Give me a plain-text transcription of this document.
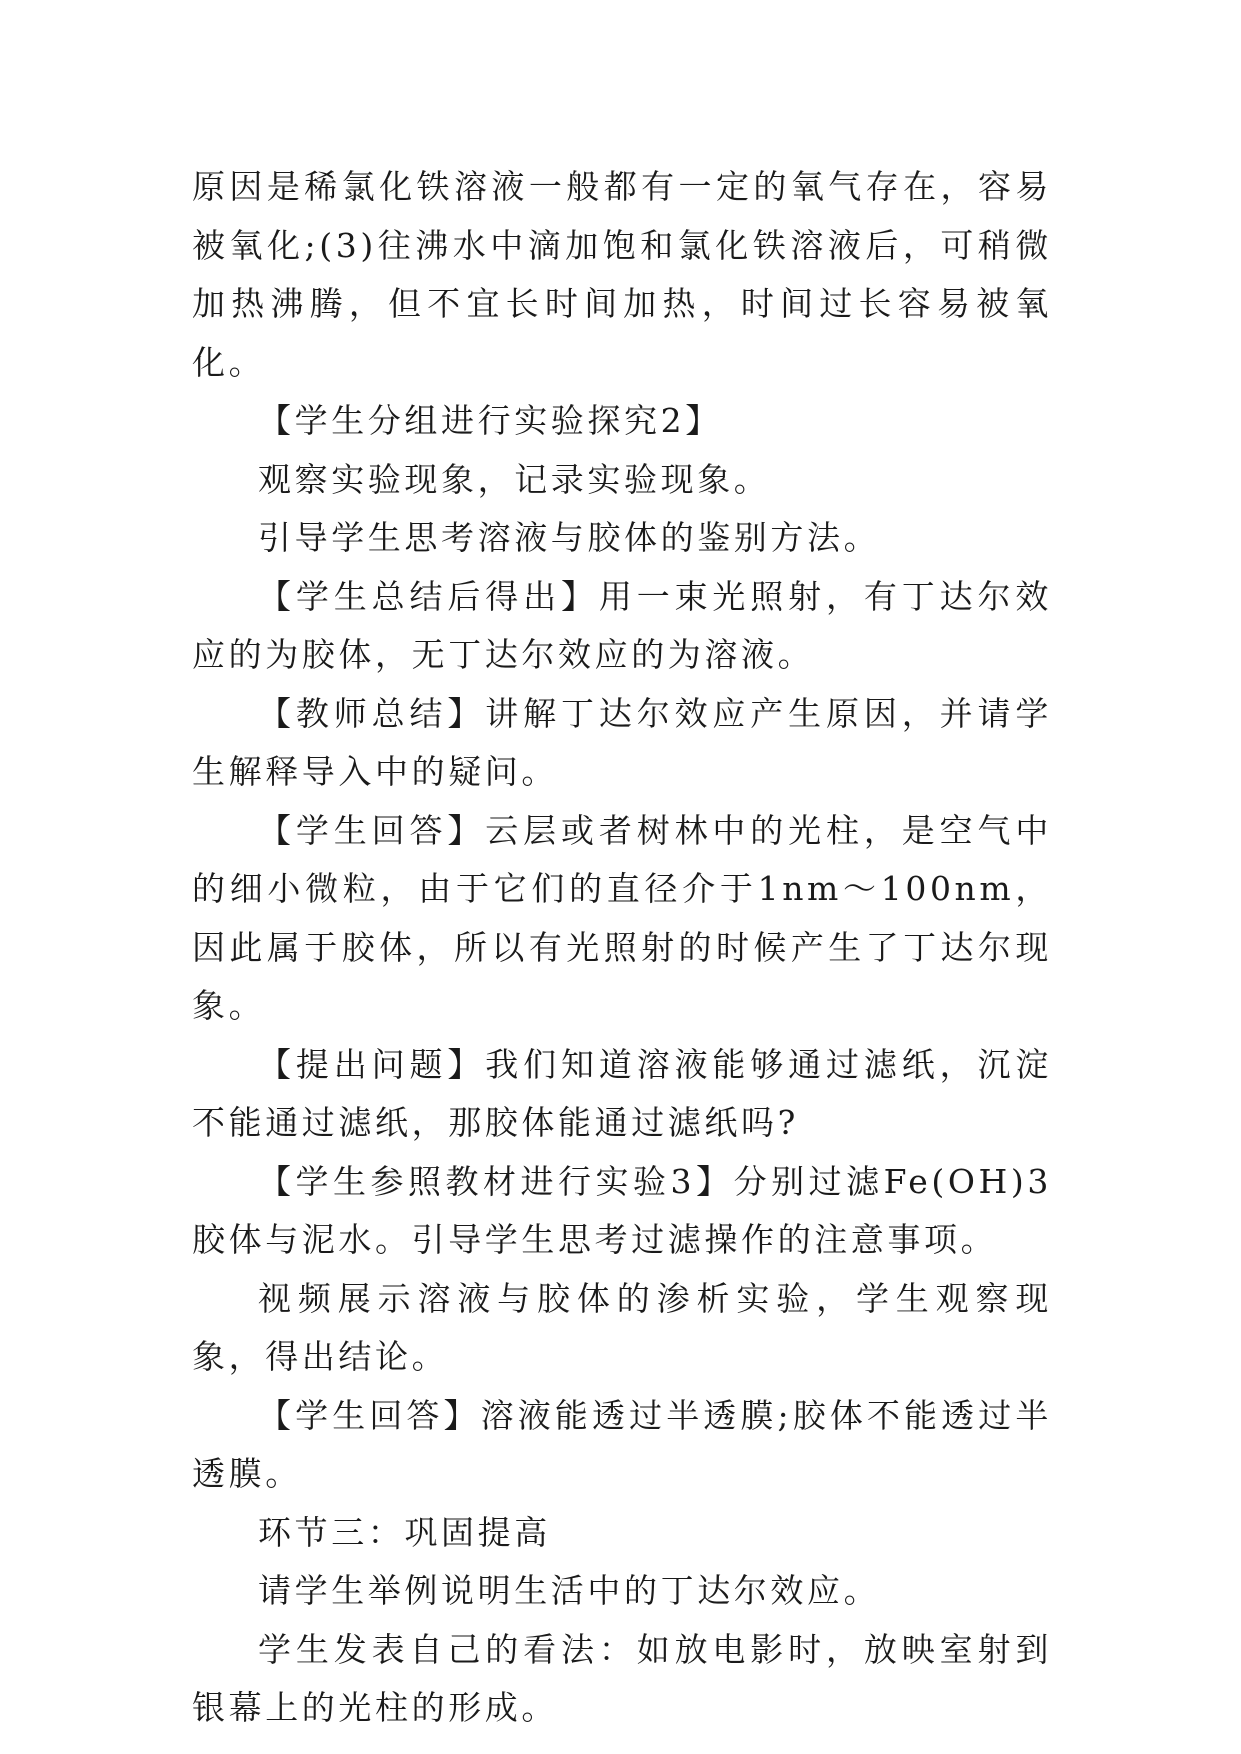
原因是稀氯化铁溶液一般都有一定的氧气存在，容易被氧化;(3)往沸水中滴加饱和氯化铁溶液后，可稍微加热沸腾，但不宜长时间加热，时间过长容易被氧化。

【学生分组进行实验探究2】

观察实验现象，记录实验现象。

引导学生思考溶液与胶体的鉴别方法。

【学生总结后得出】用一束光照射，有丁达尔效应的为胶体，无丁达尔效应的为溶液。

【教师总结】讲解丁达尔效应产生原因，并请学生解释导入中的疑问。

【学生回答】云层或者树林中的光柱，是空气中的细小微粒，由于它们的直径介于1nm～100nm，因此属于胶体，所以有光照射的时候产生了丁达尔现象。

【提出问题】我们知道溶液能够通过滤纸，沉淀不能通过滤纸，那胶体能通过滤纸吗?

【学生参照教材进行实验3】分别过滤Fe(OH)3胶体与泥水。引导学生思考过滤操作的注意事项。

视频展示溶液与胶体的渗析实验，学生观察现象，得出结论。

【学生回答】溶液能透过半透膜;胶体不能透过半透膜。

环节三：巩固提高

请学生举例说明生活中的丁达尔效应。

学生发表自己的看法：如放电影时，放映室射到银幕上的光柱的形成。
